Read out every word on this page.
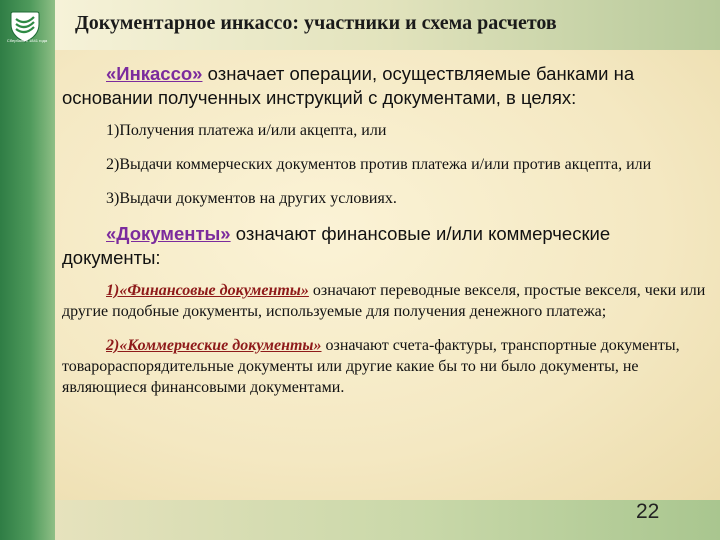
Сбербанк с 1841 года
Документарное инкассо: участники и схема расчетов

«Инкассо» означает операции, осуществляемые банками на основании полученных инструкций с документами, в целях:

1)Получения платежа и/или акцепта, или

2)Выдачи коммерческих документов против платежа и/или против акцепта, или

3)Выдачи документов на других условиях.

«Документы» означают финансовые и/или коммерческие документы:

1)«Финансовые документы» означают переводные векселя, простые векселя, чеки или другие подобные документы, используемые для получения денежного платежа;

2)«Коммерческие документы» означают счета-фактуры, транспортные документы, товарораспорядительные документы или другие какие бы то ни было документы, не являющиеся финансовыми документами.

22
